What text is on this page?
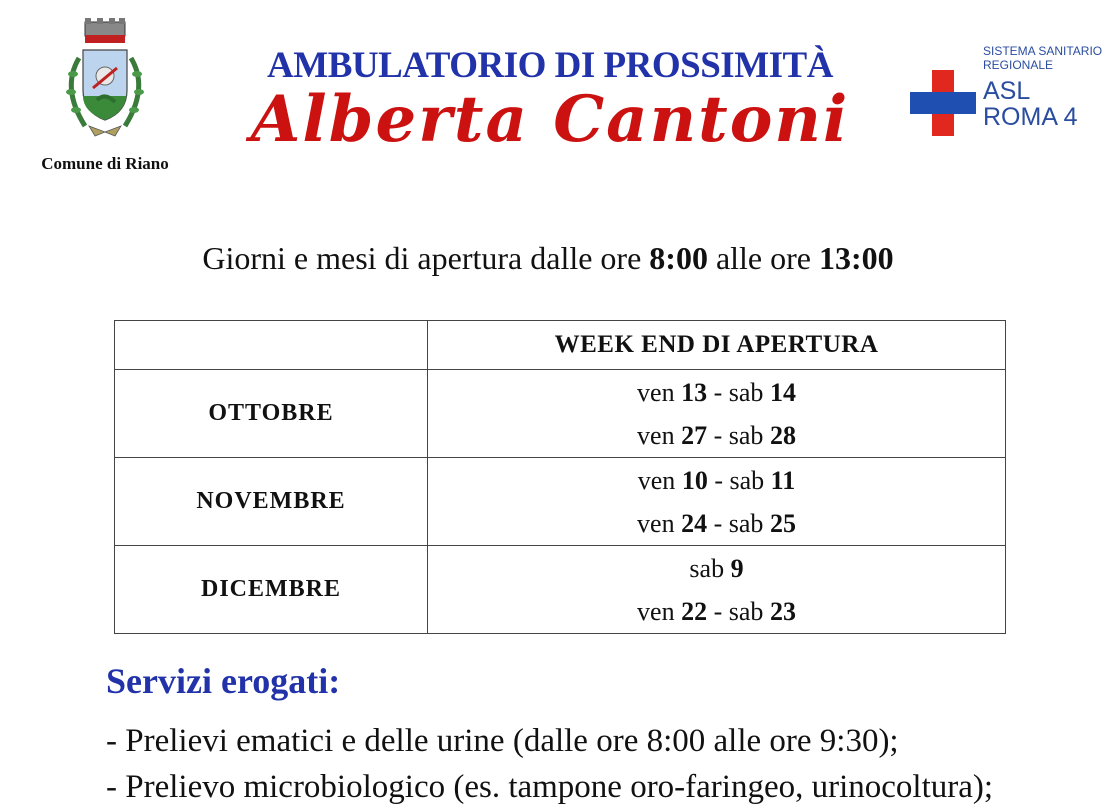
Comune di Riano
AMBULATORIO DI PROSSIMITÀ
Alberta Cantoni
SISTEMA SANITARIO
REGIONALE
ASL
ROMA 4
Giorni e mesi di apertura dalle ore 8:00 alle ore 13:00
	WEEK END DI APERTURA
OTTOBRE	ven 13 - sab 14
ven 27 - sab 28

NOVEMBRE	ven 10 - sab 11
ven 24 - sab 25

DICEMBRE	sab 9
ven 22 - sab 23
Servizi erogati:
- Prelievi ematici e delle urine (dalle ore 8:00 alle ore 9:30);
- Prelievo microbiologico (es. tampone oro-faringeo, urinocoltura);
